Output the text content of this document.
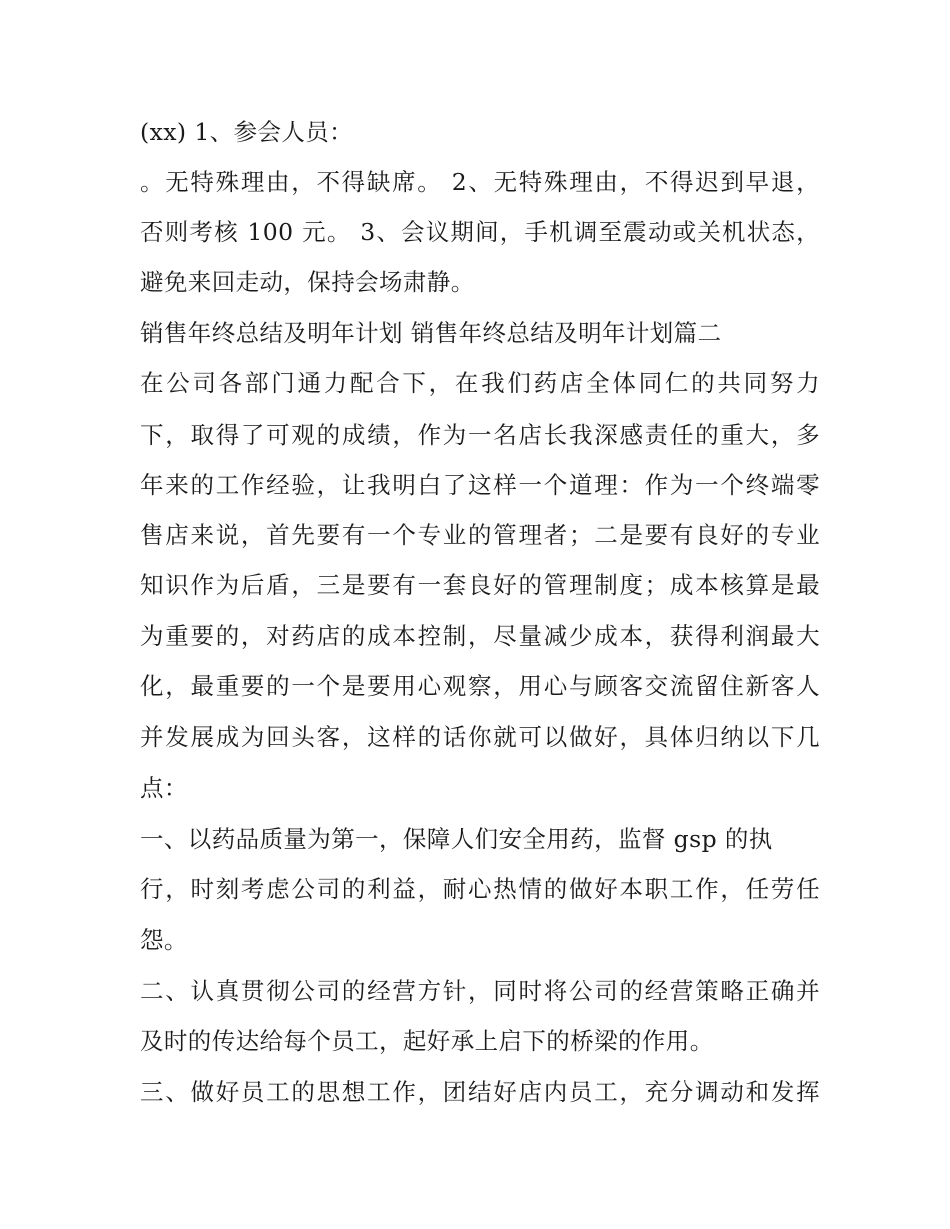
(xx) 1、参会人员：

。无特殊理由，不得缺席。 2、无特殊理由，不得迟到早退，

否则考核 100 元。 3、会议期间，手机调至震动或关机状态，

避免来回走动，保持会场肃静。

销售年终总结及明年计划 销售年终总结及明年计划篇二

在公司各部门通力配合下，在我们药店全体同仁的共同努力

下，取得了可观的成绩，作为一名店长我深感责任的重大，多

年来的工作经验，让我明白了这样一个道理：作为一个终端零

售店来说，首先要有一个专业的管理者；二是要有良好的专业

知识作为后盾，三是要有一套良好的管理制度；成本核算是最

为重要的，对药店的成本控制，尽量减少成本，获得利润最大

化，最重要的一个是要用心观察，用心与顾客交流留住新客人

并发展成为回头客，这样的话你就可以做好，具体归纳以下几

点：

一、以药品质量为第一，保障人们安全用药，监督 gsp 的执

行，时刻考虑公司的利益，耐心热情的做好本职工作，任劳任

怨。

二、认真贯彻公司的经营方针，同时将公司的经营策略正确并

及时的传达给每个员工，起好承上启下的桥梁的作用。

三、做好员工的思想工作，团结好店内员工，充分调动和发挥
